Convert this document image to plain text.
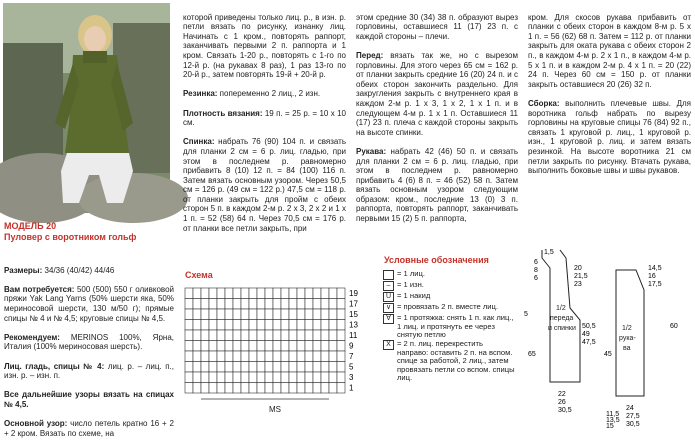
МОДЕЛЬ 20
Пуловер с воротником гольф

Размеры: 34/36 (40/42) 44/46

Вам потребуется: 500 (500) 550 г оливковой пряжи Yak Lang Yarns (50% шерсти яка, 50% мериносовой шерсти, 130 м/50 г); прямые спицы № 4 и № 4,5; круговые спицы № 4,5.

Рекомендуем: MERINOS 100%, Ярна, Италия (100% мериносовая шерсть).

Лиц. гладь, спицы № 4: лиц. р. – лиц. п., изн. р. – изн. п.

Все дальнейшие узоры вязать на спицах № 4,5.

Основной узор: число петель кратно 16 + 2 + 2 кром. Вязать по схеме, на

которой приведены только лиц. р., в изн. р. петли вязать по рисунку, изнанку лиц. Начинать с 1 кром., повторять раппорт, заканчивать первыми 2 п. раппорта и 1 кром. Связать 1-20 р., повторять с 1-го по 12-й р. (на рукавах 8 раз), 1 раз 13-го по 20-й р., затем повторять 19-й + 20-й р.

Резинка: попеременно 2 лиц., 2 изн.

Плотность вязания: 19 п. = 25 р. = 10 x 10 см.

Спинка: набрать 76 (90) 104 п. и связать для планки 2 см = 6 р. лиц. гладью, при этом в последнем р. равномерно прибавить 8 (10) 12 п. = 84 (100) 116 п. Затем вязать основным узором. Через 50,5 см = 126 р. (49 см = 122 р.) 47,5 см = 118 р. от планки закрыть для пройм с обеих сторон 5 п. в каждом 2-м р. 2 x 3, 2 x 2 и 1 x 1 п. = 52 (58) 64 п. Через 70,5 см = 176 р. от планки все петли закрыть, при

этом средние 30 (34) 38 п. образуют вырез горловины, оставшиеся 11 (17) 23 п. с каждой стороны – плечи.

Перед: вязать так же, но с вырезом горловины. Для этого через 65 см = 162 р. от планки закрыть средние 16 (20) 24 п. и с обеих сторон закончить раздельно. Для закругления закрыть с внутреннего края в каждом 2-м р. 1 x 3, 1 x 2, 1 x 1 п. и в следующем 4-м р. 1 x 1 п. Оставшиеся 11 (17) 23 п. плеча с каждой стороны закрыть на высоте спинки.

Рукава: набрать 42 (46) 50 п. и связать для планки 2 см = 6 р. лиц. гладью, при этом в последнем р. равномерно прибавить 4 (6) 8 п. = 46 (52) 58 п. Затем вязать основным узором следующим образом: кром., последние 13 (0) 3 п. раппорта, повторять раппорт, заканчивать первыми 15 (2) 5 п. раппорта,

кром. Для скосов рукава прибавить от планки с обеих сторон в каждом 8-м р. 5 x 1 п. = 56 (62) 68 п. Затем = 112 р. от планки закрыть для оката рукава с обеих сторон 2 п., в каждом 4-м р. 2 x 1 п., в каждом 4-м р. 5 x 1 п. и в каждом 2-м р. 4 x 1 п. = 20 (22) 24 п. Через 60 см = 150 р. от планки закрыть оставшиеся 20 (26) 32 п.

Сборка: выполнить плечевые швы. Для воротника гольф набрать по вырезу горловины на круговые спицы 76 (84) 92 п., связать 1 круговой р. лиц., 1 круговой р. изн., 1 круговой р. лиц. и затем вязать резинкой. На высоте воротника 21 см петли закрыть по рисунку. Втачать рукава, выполнить боковые швы и швы рукавов.

Схема
19
17
15
13
11
9
7
5
3
1
MS
Условные обозначения
= 1 лиц.
– = 1 изн.
U = 1 накид
∨ = провязать 2 п. вместе лиц.
∀ = 1 протяжка: снять 1 п. как лиц., 1 лиц. и протянуть ее через снятую петлю
X = 2 п. лиц. перекрестить направо: оставить 2 п. на вспом. спице за работой, 2 лиц., затем провязать петли со вспом. спицы лиц.
1/2
переда
и спинки	1/2
рука-
ва
1,5
6
8
6
20
21,5
23
5
50,5
49
47,5
65
22
26
30,5
14,5
16
17,5
60
45
24
27,5
30,5
11,5
13,5
15
